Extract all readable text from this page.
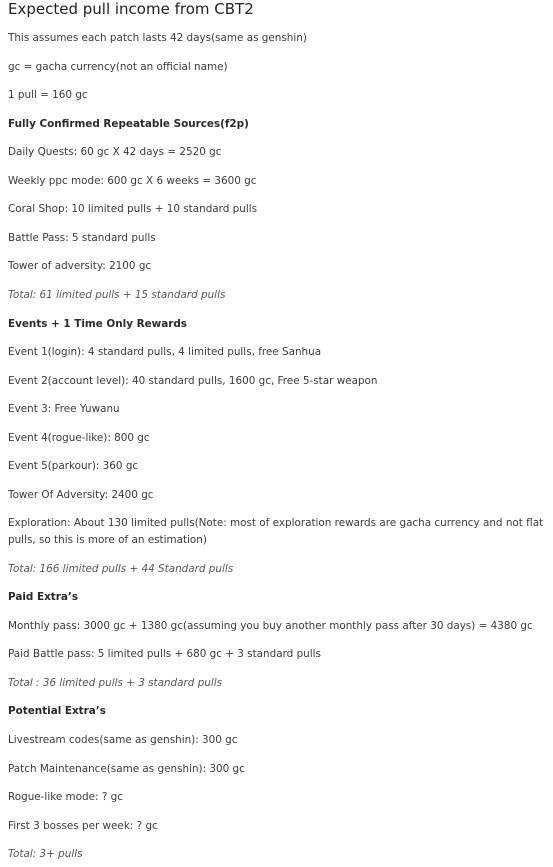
Expected pull income from CBT2
This assumes each patch lasts 42 days(same as genshin)
gc = gacha currency(not an official name)
1 pull = 160 gc
Fully Confirmed Repeatable Sources(f2p)
Daily Quests: 60 gc X 42 days = 2520 gc
Weekly ppc mode: 600 gc X 6 weeks = 3600 gc
Coral Shop: 10 limited pulls + 10 standard pulls
Battle Pass: 5 standard pulls
Tower of adversity: 2100 gc
Total: 61 limited pulls + 15 standard pulls
Events + 1 Time Only Rewards
Event 1(login): 4 standard pulls, 4 limited pulls, free Sanhua
Event 2(account level): 40 standard pulls, 1600 gc, Free 5-star weapon
Event 3: Free Yuwanu
Event 4(rogue-like): 800 gc
Event 5(parkour): 360 gc
Tower Of Adversity: 2400 gc
Exploration: About 130 limited pulls(Note: most of exploration rewards are gacha currency and not flat pulls, so this is more of an estimation)
Total: 166 limited pulls + 44 Standard pulls
Paid Extra’s
Monthly pass: 3000 gc + 1380 gc(assuming you buy another monthly pass after 30 days) = 4380 gc
Paid Battle pass: 5 limited pulls + 680 gc + 3 standard pulls
Total : 36 limited pulls + 3 standard pulls
Potential Extra’s
Livestream codes(same as genshin): 300 gc
Patch Maintenance(same as genshin): 300 gc
Rogue-like mode: ? gc
First 3 bosses per week: ? gc
Total: 3+ pulls
